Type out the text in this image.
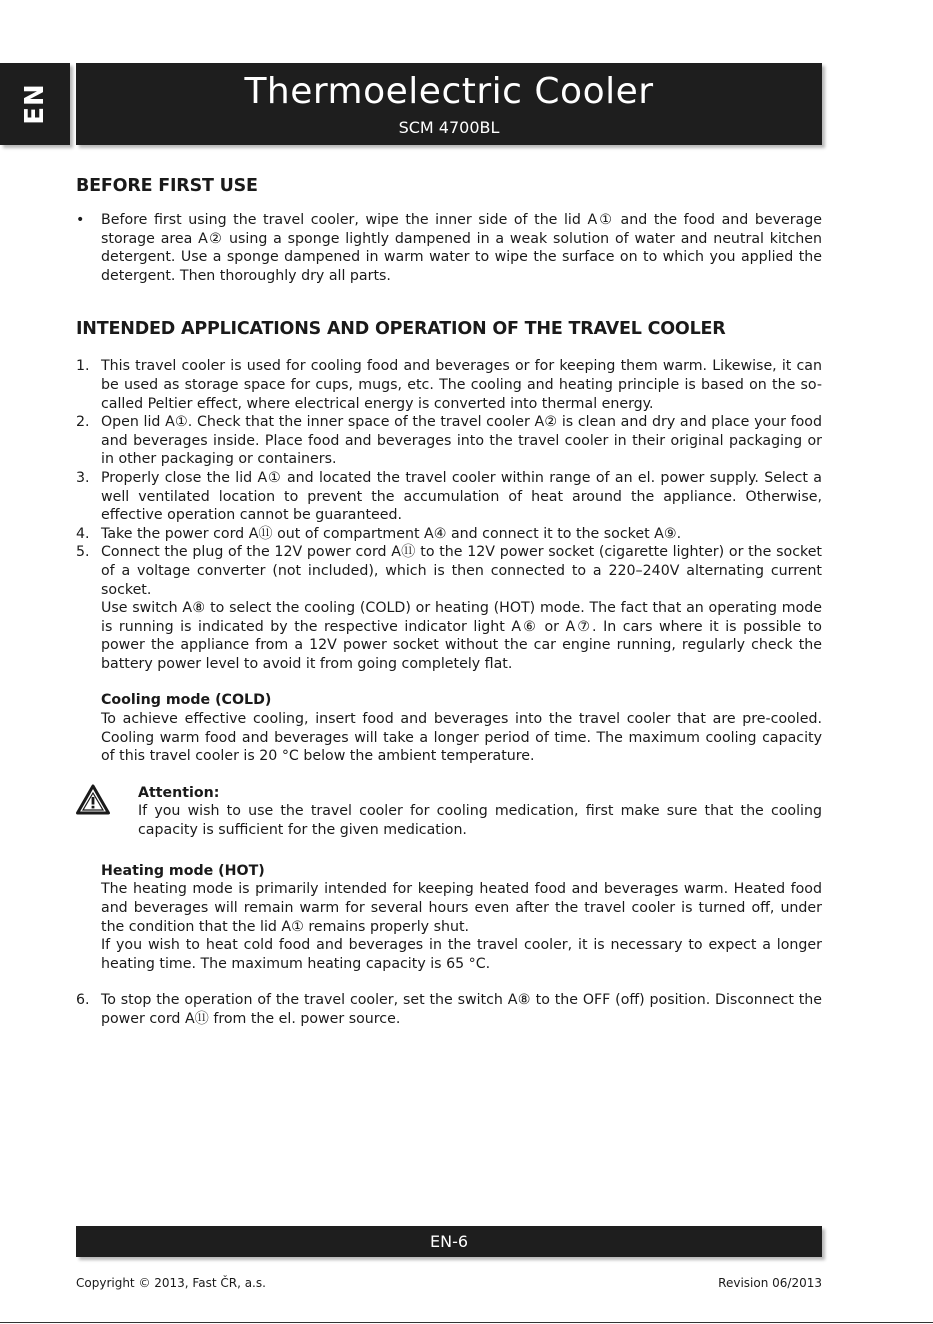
EN	Thermoelectric Cooler
SCM 4700BL
BEFORE FIRST USE
• Before first using the travel cooler, wipe the inner side of the lid A① and the food and beverage storage area A② using a sponge lightly dampened in a weak solution of water and neutral kitchen detergent. Use a sponge dampened in warm water to wipe the surface on to which you applied the detergent. Then thoroughly dry all parts.
INTENDED APPLICATIONS AND OPERATION OF THE TRAVEL COOLER
1. This travel cooler is used for cooling food and beverages or for keeping them warm. Likewise, it can be used as storage space for cups, mugs, etc. The cooling and heating principle is based on the so-called Peltier effect, where electrical energy is converted into thermal energy.
2. Open lid A①. Check that the inner space of the travel cooler A② is clean and dry and place your food and beverages inside. Place food and beverages into the travel cooler in their original packaging or in other packaging or containers.
3. Properly close the lid A① and located the travel cooler within range of an el. power supply. Select a well ventilated location to prevent the accumulation of heat around the appliance. Otherwise, effective operation cannot be guaranteed.
4. Take the power cord A⑪ out of compartment A④ and connect it to the socket A⑨.
5. Connect the plug of the 12V power cord A⑪ to the 12V power socket (cigarette lighter) or the socket of a voltage converter (not included), which is then connected to a 220–240V alternating current socket.

Use switch A⑧ to select the cooling (COLD) or heating (HOT) mode. The fact that an operating mode is running is indicated by the respective indicator light A⑥ or A⑦. In cars where it is possible to power the appliance from a 12V power socket without the car engine running, regularly check the battery power level to avoid it from going completely flat.

Cooling mode (COLD)

To achieve effective cooling, insert food and beverages into the travel cooler that are pre-cooled. Cooling warm food and beverages will take a longer period of time. The maximum cooling capacity of this travel cooler is 20 °C below the ambient temperature.

Attention:
If you wish to use the travel cooler for cooling medication, first make sure that the cooling capacity is sufficient for the given medication.

Heating mode (HOT)

The heating mode is primarily intended for keeping heated food and beverages warm. Heated food and beverages will remain warm for several hours even after the travel cooler is turned off, under the condition that the lid A① remains properly shut.

If you wish to heat cold food and beverages in the travel cooler, it is necessary to expect a longer heating time. The maximum heating capacity is 65 °C.

6. To stop the operation of the travel cooler, set the switch A⑧ to the OFF (off) position. Disconnect the power cord A⑪ from the el. power source.
EN-6
Copyright © 2013, Fast ČR, a.s.	Revision 06/2013
